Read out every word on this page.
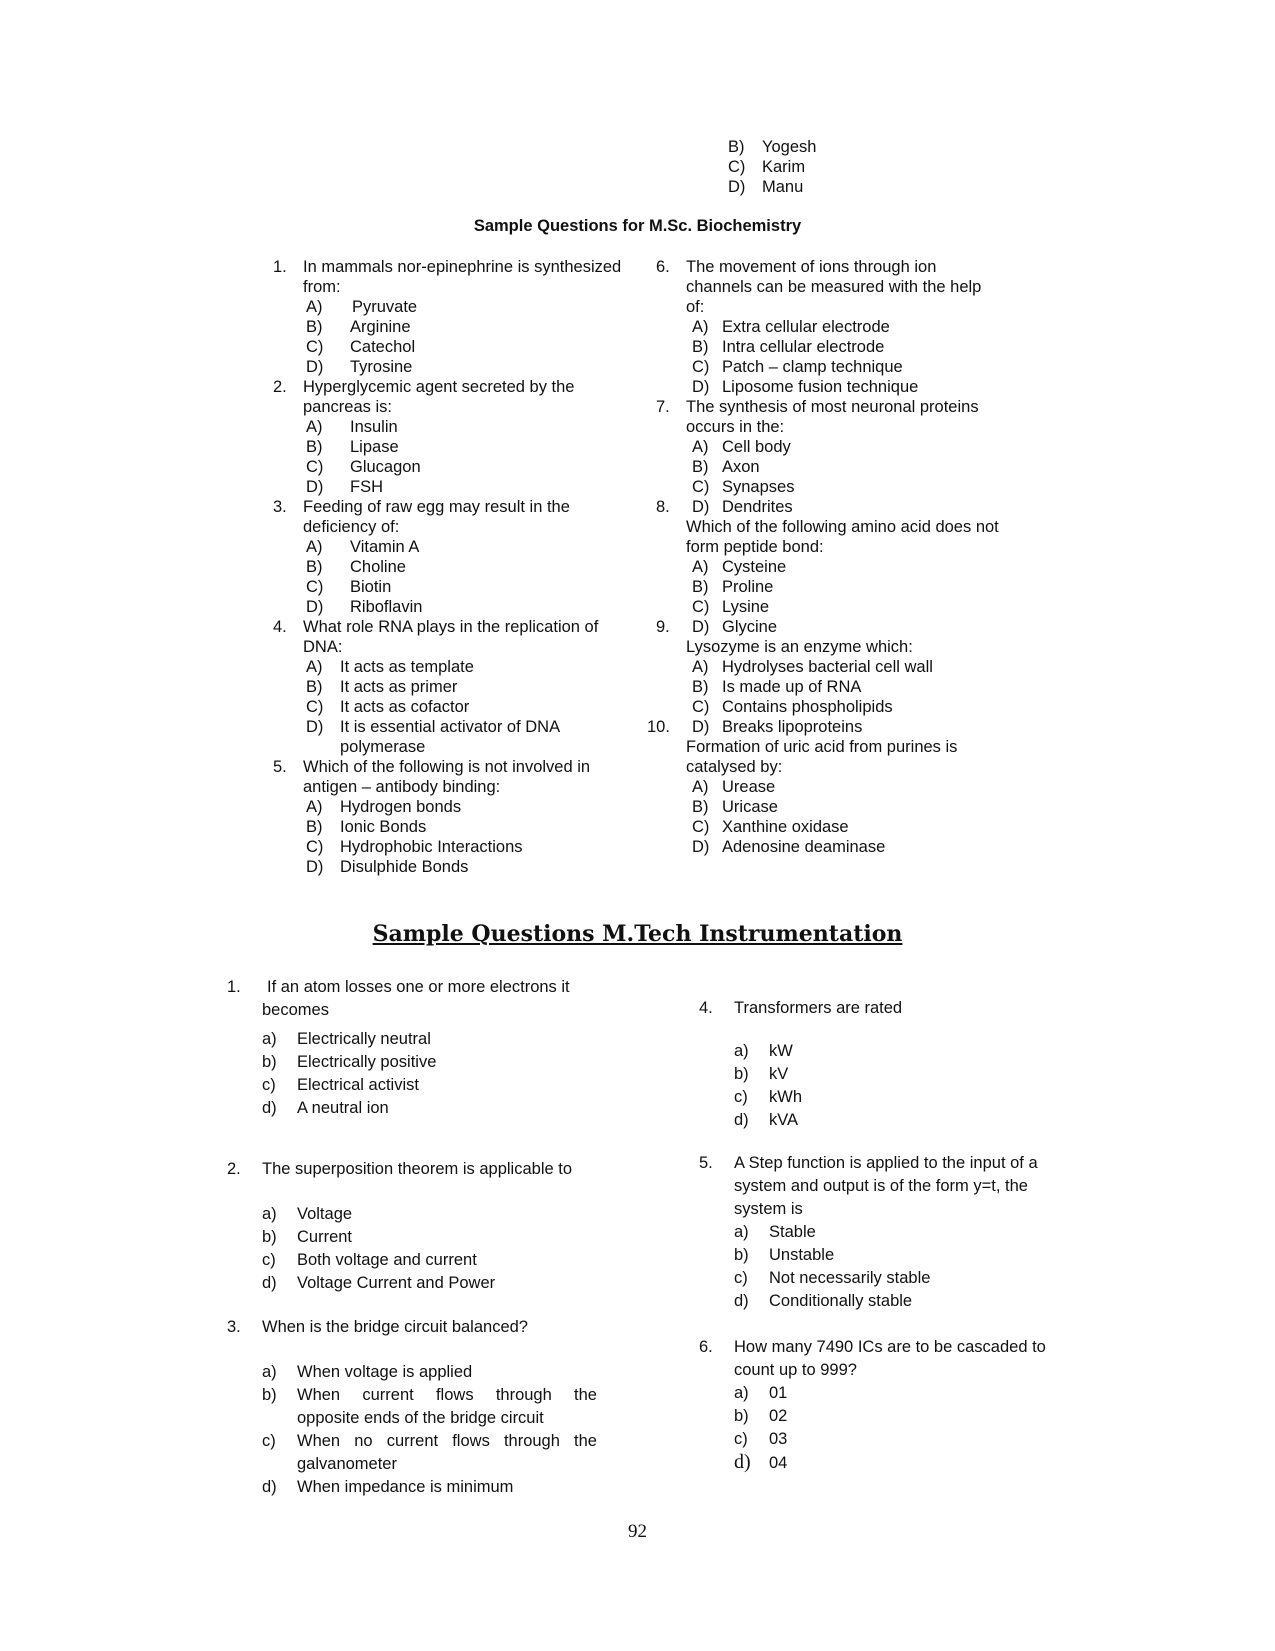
B) Yogesh
C) Karim
D) Manu
Sample Questions for M.Sc. Biochemistry
1. In mammals nor-epinephrine is synthesized
from:
A) Pyruvate
B) Arginine
C) Catechol
D) Tyrosine
2. Hyperglycemic agent secreted by the
pancreas is:
A) Insulin
B) Lipase
C) Glucagon
D) FSH
3. Feeding of raw egg may result in the
deficiency of:
A) Vitamin A
B) Choline
C) Biotin
D) Riboflavin
4. What role RNA plays in the replication of
DNA:
A) It acts as template
B) It acts as primer
C) It acts as cofactor
D) It is essential activator of DNA
polymerase
5. Which of the following is not involved in
antigen – antibody binding:
A) Hydrogen bonds
B) Ionic Bonds
C) Hydrophobic Interactions
D) Disulphide Bonds
6. The movement of ions through ion
channels can be measured with the help
of:
A) Extra cellular electrode
B) Intra cellular electrode
C) Patch – clamp technique
D) Liposome fusion technique
7. The synthesis of most neuronal proteins
occurs in the:
A) Cell body
B) Axon
C) Synapses
D) Dendrites
8.
Which of the following amino acid does not
form peptide bond:
A) Cysteine
B) Proline
C) Lysine
D) Glycine
9.
Lysozyme is an enzyme which:
A) Hydrolyses bacterial cell wall
B) Is made up of RNA
C) Contains phospholipids
D) Breaks lipoproteins
10.
Formation of uric acid from purines is
catalysed by:
A) Urease
B) Uricase
C) Xanthine oxidase
D) Adenosine deaminase
Sample Questions M.Tech Instrumentation
1. If an atom losses one or more electrons it
becomes
a) Electrically neutral
b) Electrically positive
c) Electrical activist
d) A neutral ion
2. The superposition theorem is applicable to
a) Voltage
b) Current
c) Both voltage and current
d) Voltage Current and Power
3. When is the bridge circuit balanced?
a) When voltage is applied
b) When current flows through the
opposite ends of the bridge circuit
c) When no current flows through the
galvanometer
d) When impedance is minimum
4. Transformers are rated
a) kW
b) kV
c) kWh
d) kVA
5. A Step function is applied to the input of a
system and output is of the form y=t, the
system is
a) Stable
b) Unstable
c) Not necessarily stable
d) Conditionally stable
6. How many 7490 ICs are to be cascaded to
count up to 999?
a) 01
b) 02
c) 03
d) 04
92
